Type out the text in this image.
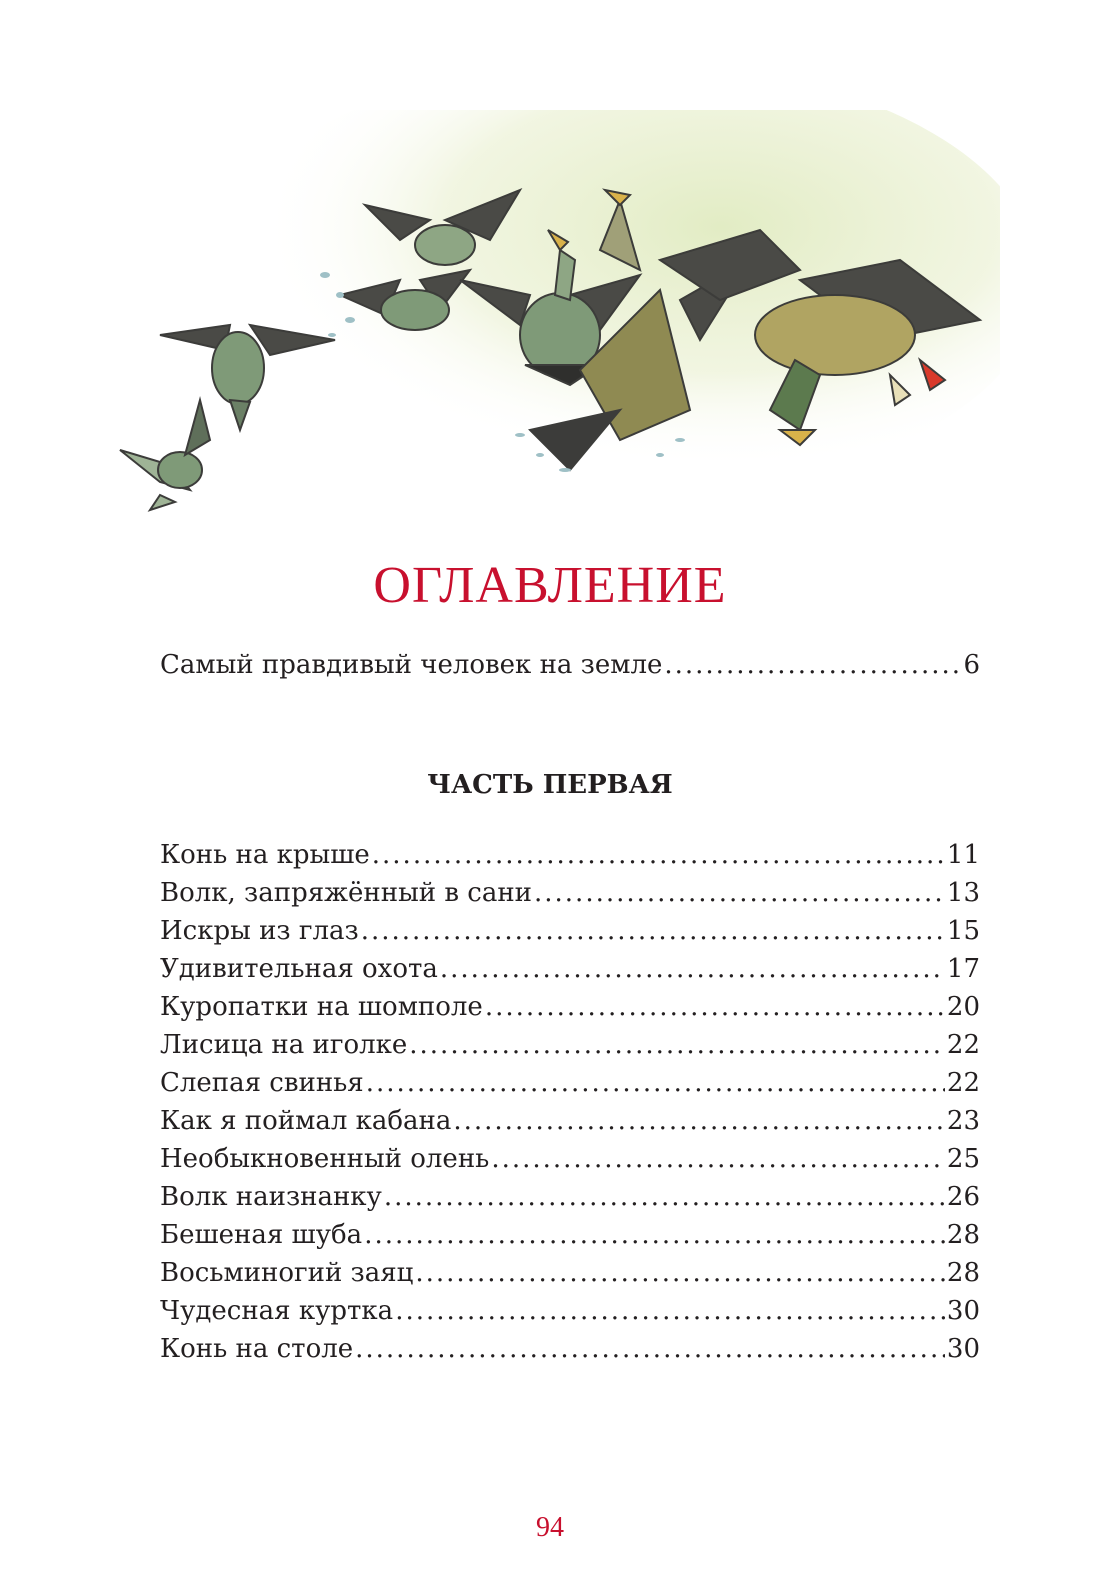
ОГЛАВЛЕНИЕ
Самый правдивый человек на земле .....	6
ЧАСТЬ ПЕРВАЯ
Конь на крыше .....	11
Волк, запряжённый в сани .....	13
Искры из глаз .....	15
Удивительная охота .....	17
Куропатки на шомполе .....	20
Лисица на иголке .....	22
Слепая свинья .....	22
Как я поймал кабана .....	23
Необыкновенный олень .....	25
Волк наизнанку .....	26
Бешеная шуба .....	28
Восьминогий заяц .....	28
Чудесная куртка .....	30
Конь на столе .....	30
94
